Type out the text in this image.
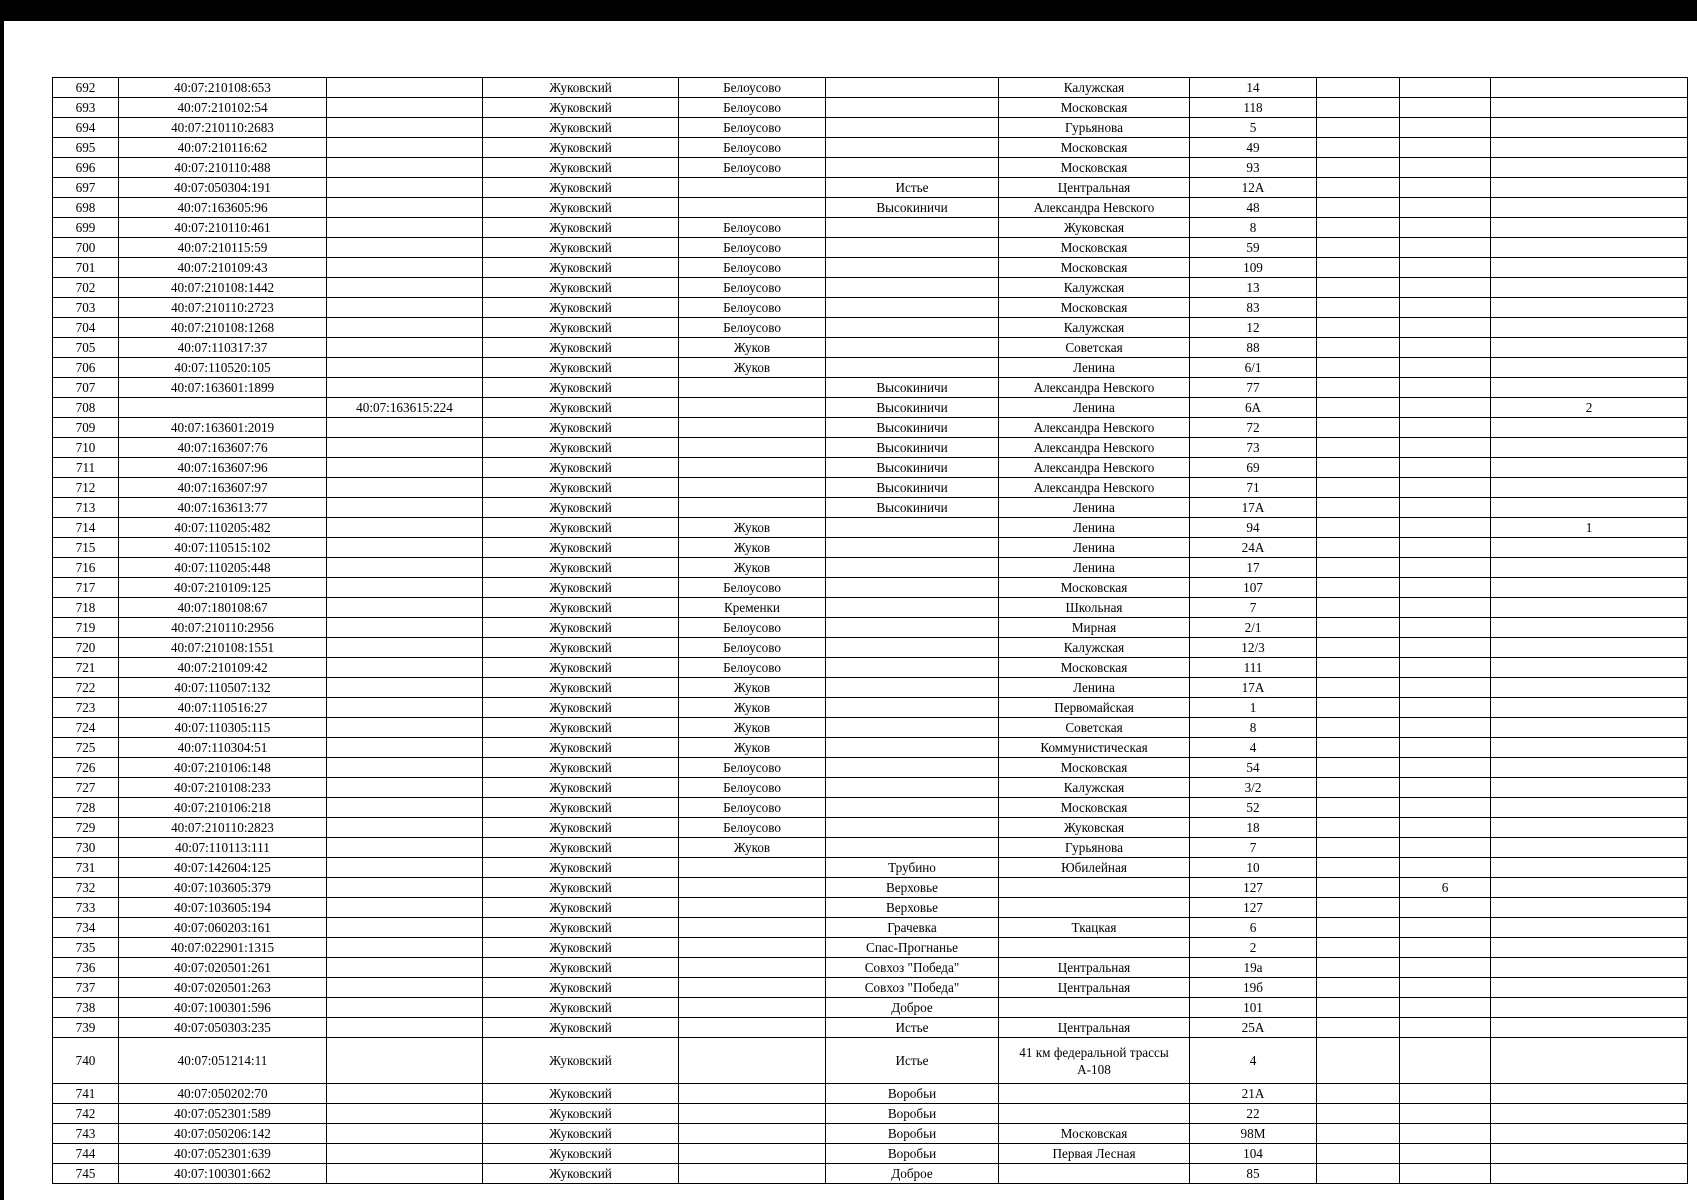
692	40:07:210108:653		Жуковский	Белоусово		Калужская	14			
693	40:07:210102:54		Жуковский	Белоусово		Московская	118			
694	40:07:210110:2683		Жуковский	Белоусово		Гурьянова	5			
695	40:07:210116:62		Жуковский	Белоусово		Московская	49			
696	40:07:210110:488		Жуковский	Белоусово		Московская	93			
697	40:07:050304:191		Жуковский		Истье	Центральная	12А			
698	40:07:163605:96		Жуковский		Высокиничи	Александра Невского	48			
699	40:07:210110:461		Жуковский	Белоусово		Жуковская	8			
700	40:07:210115:59		Жуковский	Белоусово		Московская	59			
701	40:07:210109:43		Жуковский	Белоусово		Московская	109			
702	40:07:210108:1442		Жуковский	Белоусово		Калужская	13			
703	40:07:210110:2723		Жуковский	Белоусово		Московская	83			
704	40:07:210108:1268		Жуковский	Белоусово		Калужская	12			
705	40:07:110317:37		Жуковский	Жуков		Советская	88			
706	40:07:110520:105		Жуковский	Жуков		Ленина	6/1			
707	40:07:163601:1899		Жуковский		Высокиничи	Александра Невского	77			
708		40:07:163615:224	Жуковский		Высокиничи	Ленина	6А			2
709	40:07:163601:2019		Жуковский		Высокиничи	Александра Невского	72			
710	40:07:163607:76		Жуковский		Высокиничи	Александра Невского	73			
711	40:07:163607:96		Жуковский		Высокиничи	Александра Невского	69			
712	40:07:163607:97		Жуковский		Высокиничи	Александра Невского	71			
713	40:07:163613:77		Жуковский		Высокиничи	Ленина	17А			
714	40:07:110205:482		Жуковский	Жуков		Ленина	94			1
715	40:07:110515:102		Жуковский	Жуков		Ленина	24А			
716	40:07:110205:448		Жуковский	Жуков		Ленина	17			
717	40:07:210109:125		Жуковский	Белоусово		Московская	107			
718	40:07:180108:67		Жуковский	Кременки		Школьная	7			
719	40:07:210110:2956		Жуковский	Белоусово		Мирная	2/1			
720	40:07:210108:1551		Жуковский	Белоусово		Калужская	12/3			
721	40:07:210109:42		Жуковский	Белоусово		Московская	111			
722	40:07:110507:132		Жуковский	Жуков		Ленина	17А			
723	40:07:110516:27		Жуковский	Жуков		Первомайская	1			
724	40:07:110305:115		Жуковский	Жуков		Советская	8			
725	40:07:110304:51		Жуковский	Жуков		Коммунистическая	4			
726	40:07:210106:148		Жуковский	Белоусово		Московская	54			
727	40:07:210108:233		Жуковский	Белоусово		Калужская	3/2			
728	40:07:210106:218		Жуковский	Белоусово		Московская	52			
729	40:07:210110:2823		Жуковский	Белоусово		Жуковская	18			
730	40:07:110113:111		Жуковский	Жуков		Гурьянова	7			
731	40:07:142604:125		Жуковский		Трубино	Юбилейная	10			
732	40:07:103605:379		Жуковский		Верховье		127		6	
733	40:07:103605:194		Жуковский		Верховье		127			
734	40:07:060203:161		Жуковский		Грачевка	Ткацкая	6			
735	40:07:022901:1315		Жуковский		Спас-Прогнанье		2			
736	40:07:020501:261		Жуковский		Совхоз "Победа"	Центральная	19а			
737	40:07:020501:263		Жуковский		Совхоз "Победа"	Центральная	19б			
738	40:07:100301:596		Жуковский		Доброе		101			
739	40:07:050303:235		Жуковский		Истье	Центральная	25А			
740	40:07:051214:11		Жуковский		Истье	41 км федеральной трассы А-108	4			
741	40:07:050202:70		Жуковский		Воробьи		21А			
742	40:07:052301:589		Жуковский		Воробьи		22			
743	40:07:050206:142		Жуковский		Воробьи	Московская	98М			
744	40:07:052301:639		Жуковский		Воробьи	Первая Лесная	104			
745	40:07:100301:662		Жуковский		Доброе		85			
